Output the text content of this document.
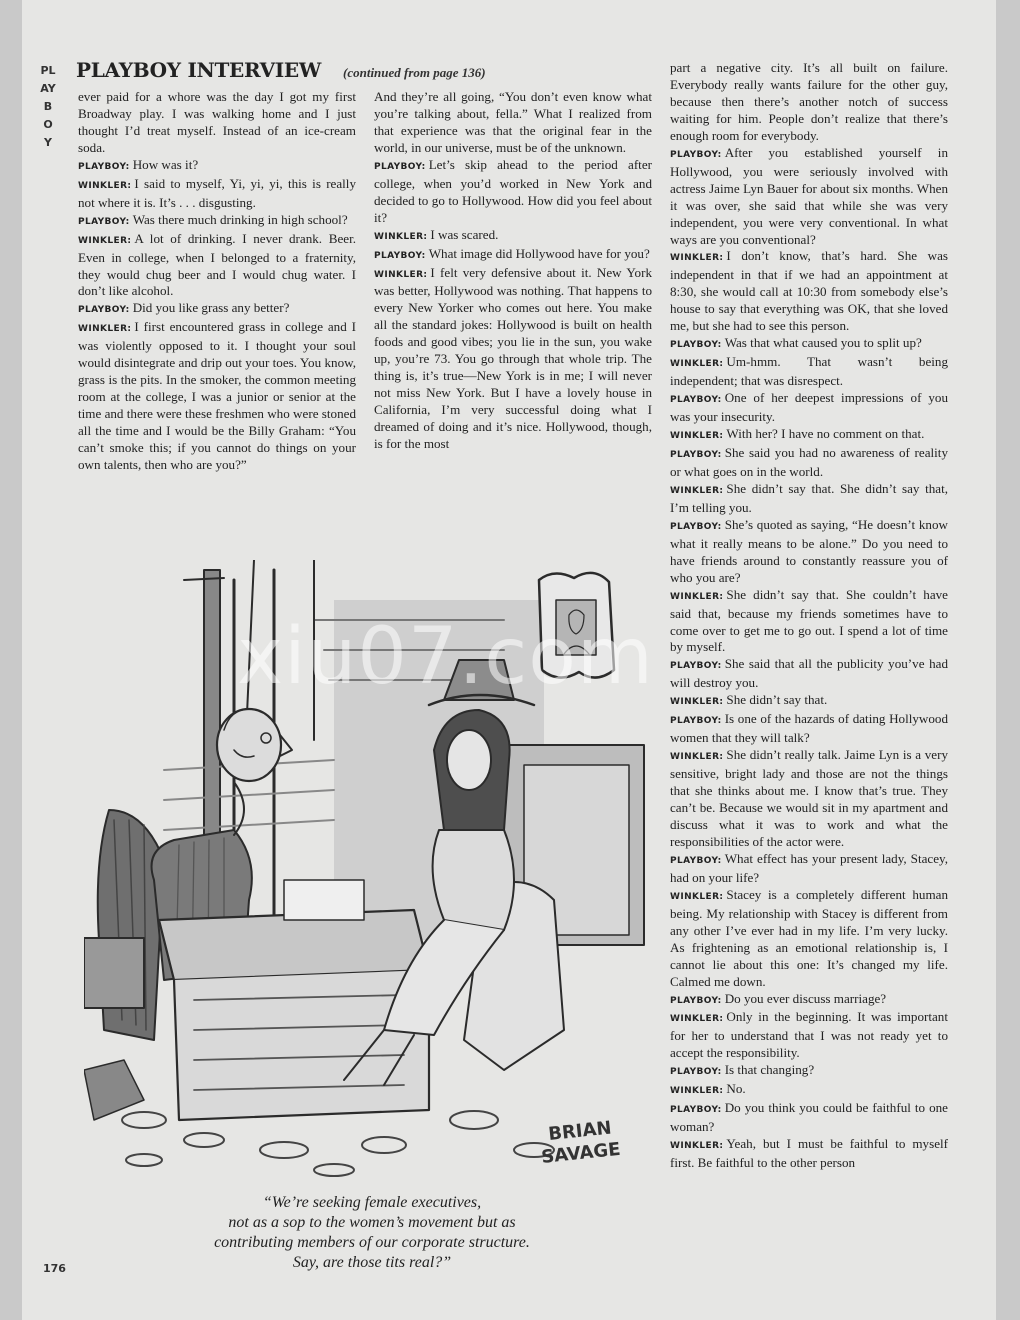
PLAYBOY
PLAYBOY INTERVIEW (continued from page 136)

ever paid for a whore was the day I got my first Broadway play. I was walking home and I just thought I’d treat myself. Instead of an ice-cream soda.

PLAYBOY: How was it?

WINKLER: I said to myself, Yi, yi, yi, this is really not where it is. It’s . . . disgusting.

PLAYBOY: Was there much drinking in high school?

WINKLER: A lot of drinking. I never drank. Beer. Even in college, when I belonged to a fraternity, they would chug beer and I would chug water. I don’t like alcohol.

PLAYBOY: Did you like grass any better?

WINKLER: I first encountered grass in college and I was violently opposed to it. I thought your soul would disintegrate and drip out your toes. You know, grass is the pits. In the smoker, the common meeting room at the college, I was a junior or senior at the time and there were these freshmen who were stoned all the time and I would be the Billy Graham: “You can’t smoke this; if you cannot do things on your own talents, then who are you?”

And they’re all going, “You don’t even know what you’re talking about, fella.” What I realized from that experience was that the original fear in the world, in our universe, must be of the unknown.

PLAYBOY: Let’s skip ahead to the period after college, when you’d worked in New York and decided to go to Hollywood. How did you feel about it?

WINKLER: I was scared.

PLAYBOY: What image did Hollywood have for you?

WINKLER: I felt very defensive about it. New York was better, Hollywood was nothing. That happens to every New Yorker who comes out here. You make all the standard jokes: Hollywood is built on health foods and good vibes; you lie in the sun, you wake up, you’re 73. You go through that whole trip. The thing is, it’s true—New York is in me; I will never not miss New York. But I have a lovely house in California, I’m very successful doing what I dreamed of doing and it’s nice. Hollywood, though, is for the most

part a negative city. It’s all built on failure. Everybody really wants failure for the other guy, because then there’s another notch of success waiting for him. People don’t realize that there’s enough room for everybody.

PLAYBOY: After you established yourself in Hollywood, you were seriously involved with actress Jaime Lyn Bauer for about six months. When it was over, she said that while she was very independent, you were very conventional. In what ways are you conventional?

WINKLER: I don’t know, that’s hard. She was independent in that if we had an appointment at 8:30, she would call at 10:30 from somebody else’s house to say that everything was OK, that she loved me, but she had to see this person.

PLAYBOY: Was that what caused you to split up?

WINKLER: Um-hmm. That wasn’t being independent; that was disrespect.

PLAYBOY: One of her deepest impressions of you was your insecurity.

WINKLER: With her? I have no comment on that.

PLAYBOY: She said you had no awareness of reality or what goes on in the world.

WINKLER: She didn’t say that. She didn’t say that, I’m telling you.

PLAYBOY: She’s quoted as saying, “He doesn’t know what it really means to be alone.” Do you need to have friends around to constantly reassure you of who you are?

WINKLER: She didn’t say that. She couldn’t have said that, because my friends sometimes have to come over to get me to go out. I spend a lot of time by myself.

PLAYBOY: She said that all the publicity you’ve had will destroy you.

WINKLER: She didn’t say that.

PLAYBOY: Is one of the hazards of dating Hollywood women that they will talk?

WINKLER: She didn’t really talk. Jaime Lyn is a very sensitive, bright lady and those are not the things that she thinks about me. I know that’s true. They can’t be. Because we would sit in my apartment and discuss what it was to work and what the responsibilities of the actor were.

PLAYBOY: What effect has your present lady, Stacey, had on your life?

WINKLER: Stacey is a completely different human being. My relationship with Stacey is different from any other I’ve ever had in my life. I’m very lucky. As frightening as an emotional relationship is, I cannot lie about this one: It’s changed my life. Calmed me down.

PLAYBOY: Do you ever discuss marriage?

WINKLER: Only in the beginning. It was important for her to understand that I was not ready yet to accept the responsibility.

PLAYBOY: Is that changing?

WINKLER: No.

PLAYBOY: Do you think you could be faithful to one woman?

WINKLER: Yeah, but I must be faithful to myself first. Be faithful to the other person

BRIAN
SAVAGE
“We’re seeking female executives,
not as a sop to the women’s movement but as
contributing members of our corporate structure.
Say, are those tits real?”
176
xiu07.com
